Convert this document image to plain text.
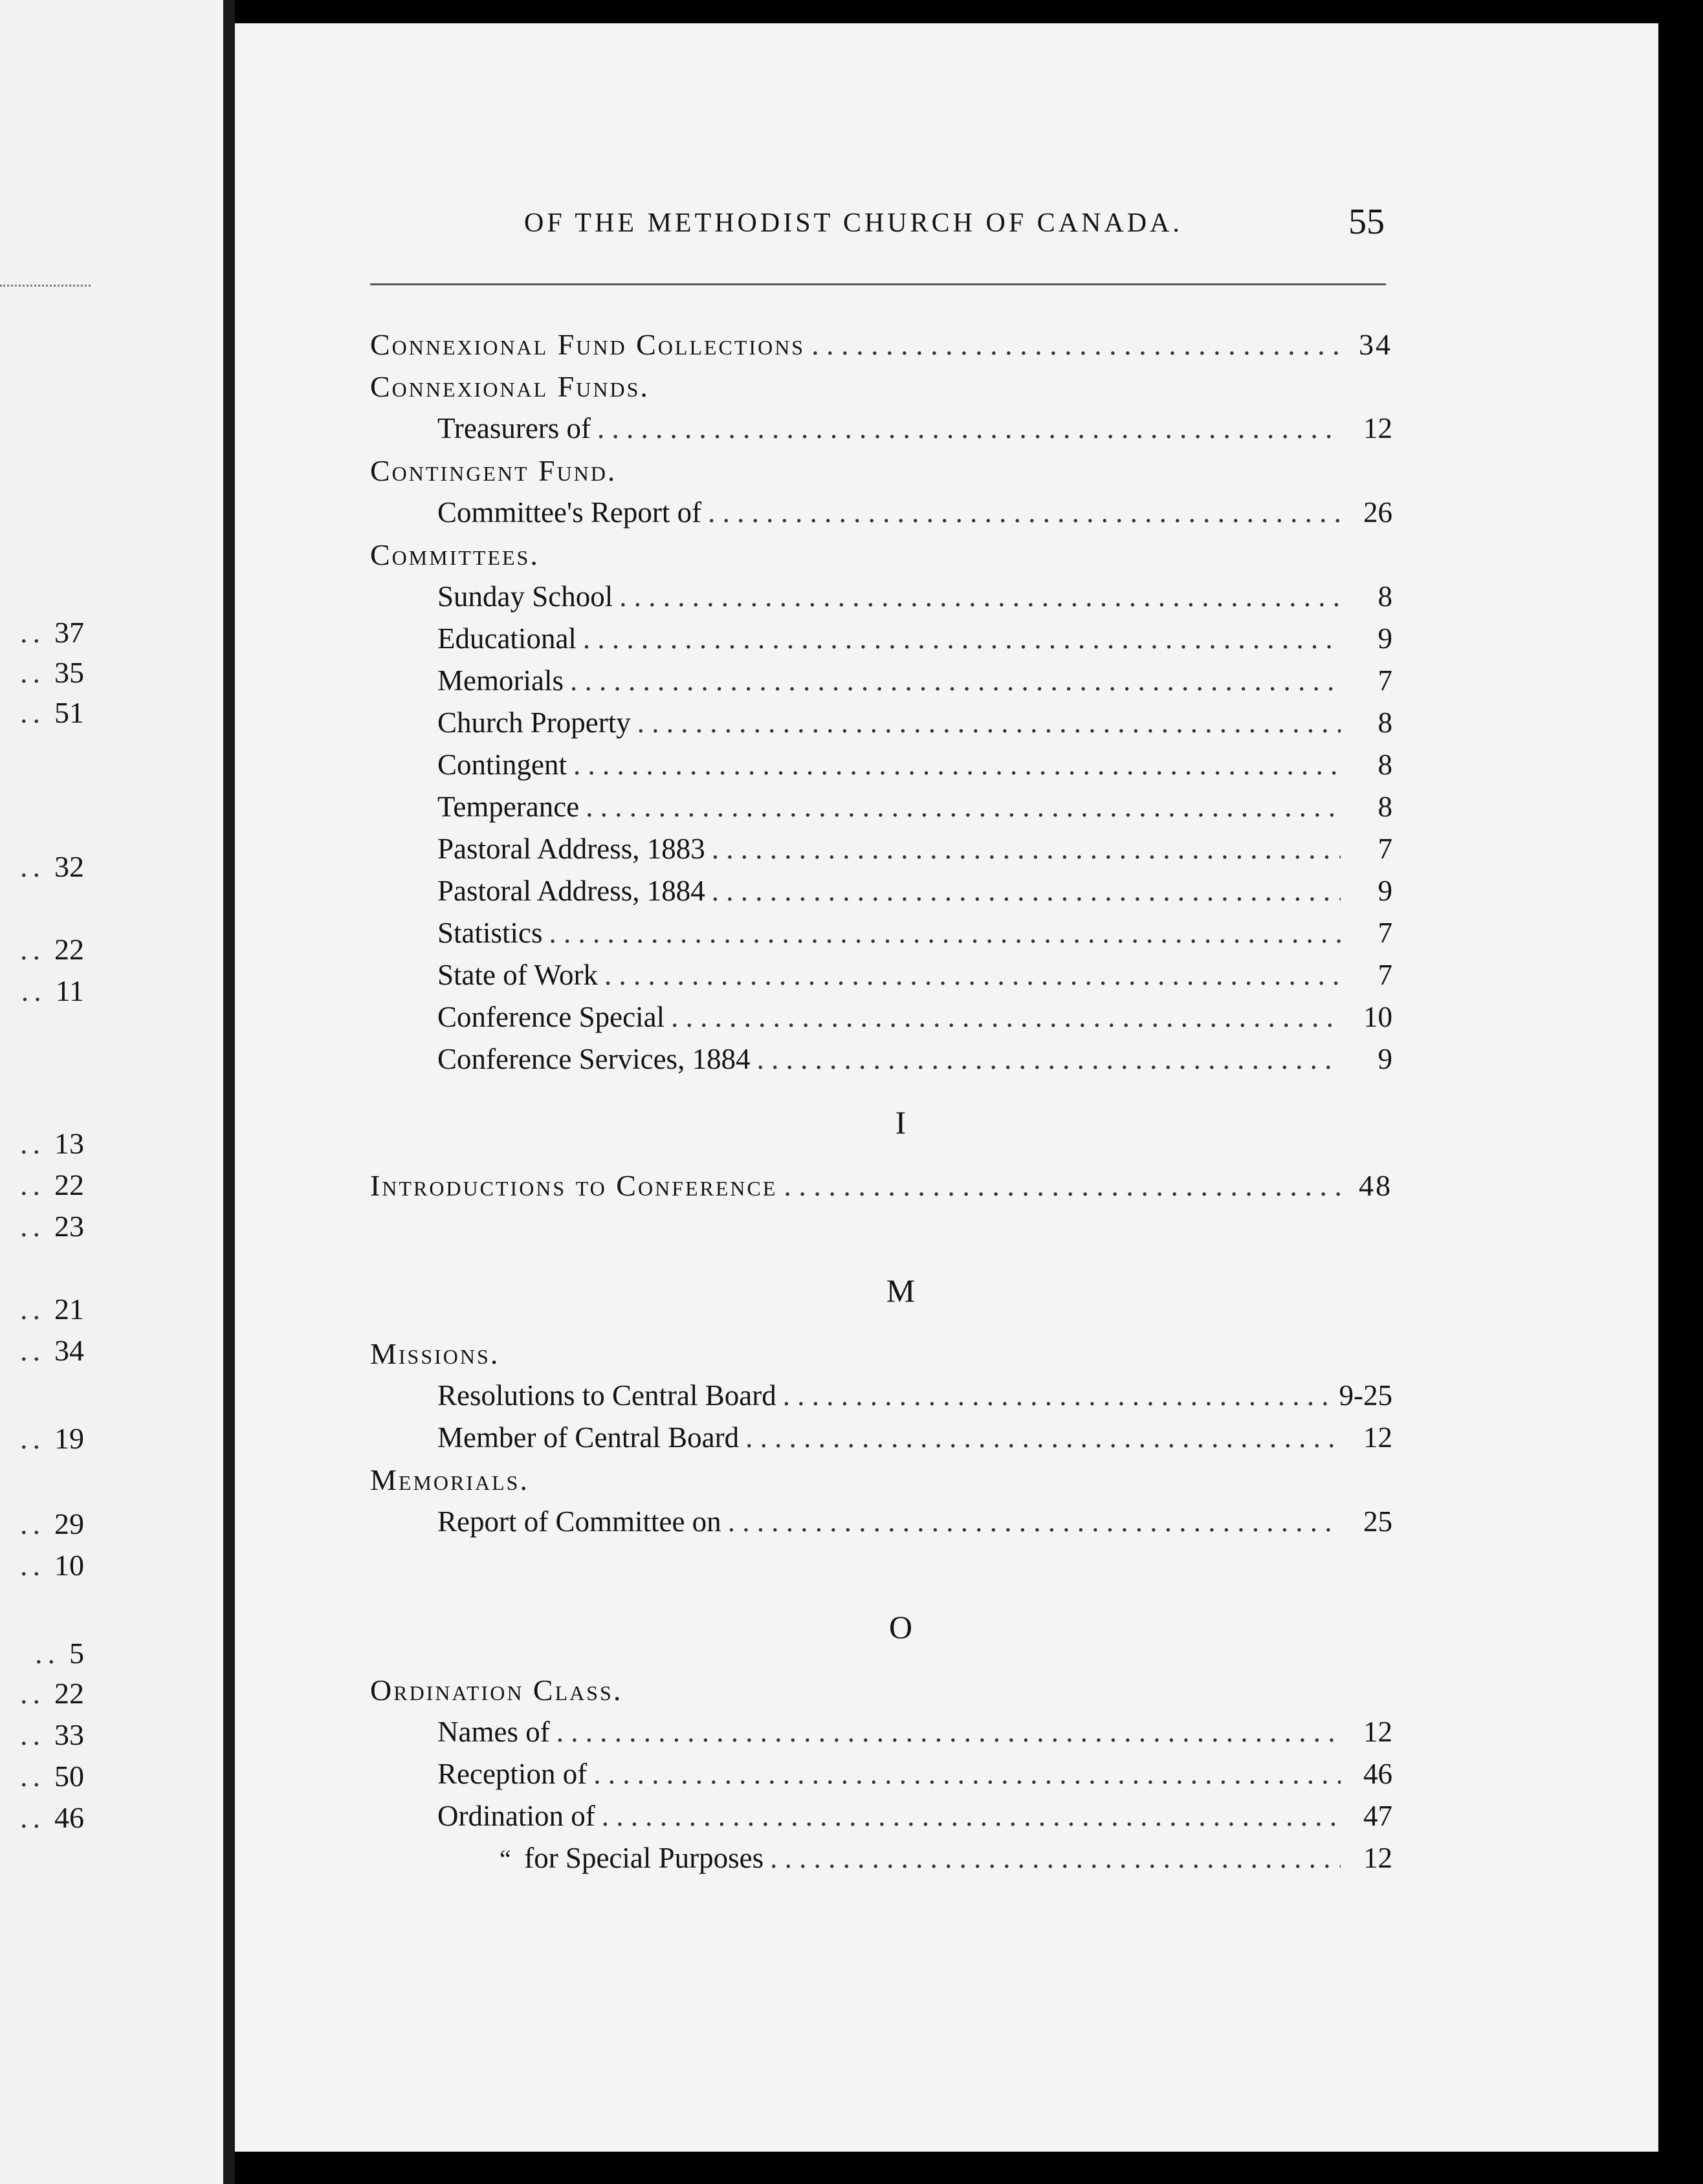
.. 37
.. 35
.. 51
.. 32
.. 22
.. 11
.. 13
.. 22
.. 23
.. 21
.. 34
.. 19
.. 29
.. 10
.. 5
.. 22
.. 33
.. 50
.. 46
OF THE METHODIST CHURCH OF CANADA.	55
Connexional Fund Collections . . .	34
Connexional Funds.
Treasurers of . . .	12
Contingent Fund.
Committee's Report of . . .	26
Committees.
Sunday School . . .	8
Educational . . .	9
Memorials . . .	7
Church Property . . .	8
Contingent . . .	8
Temperance . . .	8
Pastoral Address, 1883 . . .	7
Pastoral Address, 1884 . . .	9
Statistics . . .	7
State of Work . . .	7
Conference Special . . .	10
Conference Services, 1884 . . .	9
I
Introductions to Conference . . .	48
M
Missions.
Resolutions to Central Board . . .	9-25
Member of Central Board . . .	12
Memorials.
Report of Committee on . . .	25
O
Ordination Class.
Names of . . .	12
Reception of . . .	46
Ordination of . . .	47
“ for Special Purposes . . .	12
